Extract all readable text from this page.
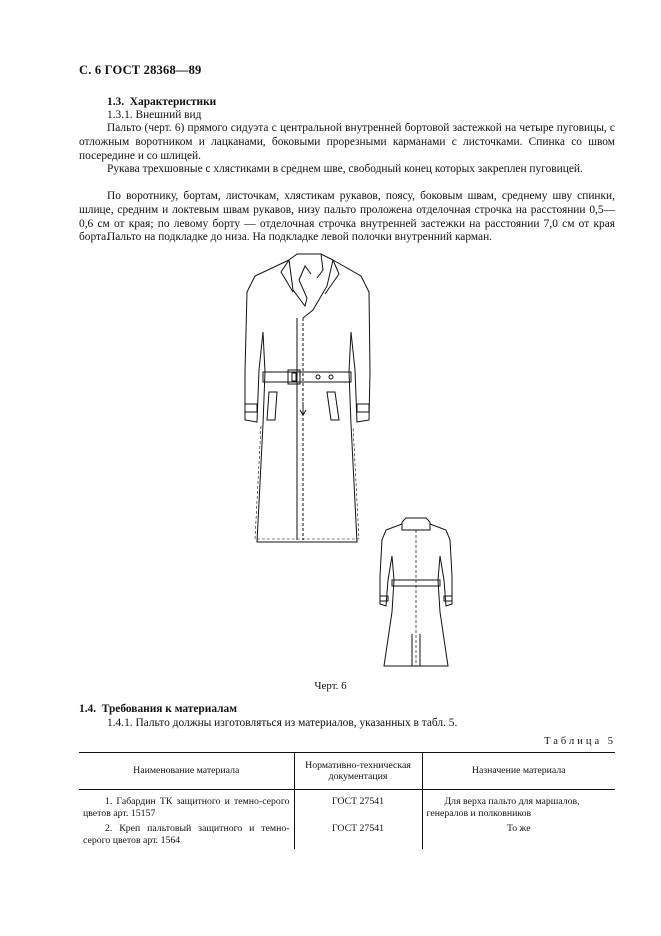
С. 6 ГОСТ 28368—89
1.3. Характеристики
1.3.1. Внешний вид
Пальто (черт. 6) прямого сидуэта с центральной внутренней бортовой застежкой на четыре пуговицы, с отложным воротником и лацканами, боковыми прорезными карманами с листочками. Спинка со швом посередине и со шлицей.
Рукава трехшовные с хлястиками в среднем шве, свободный конец которых закреплен пуговицей.
По воротнику, бортам, листочкам, хлястикам рукавов, поясу, боковым швам, среднему шву спинки, шлице, средним и локтевым швам рукавов, низу пальто проложена отделочная строчка на расстоянии 0,5—0,6 см от края; по левому борту — отделочная строчка внутренней застежки на расстоянии 7,0 см от края борта.
Пальто на подкладке до низа. На подкладке левой полочки внутренний карман.
Черт. 6
1.4. Требования к материалам
1.4.1. Пальто должны изготовляться из материалов, указанных в табл. 5.
Таблица 5
Наименование материала	Нормативно-техническая документация	Назначение материала
1. Габардин ТК защитного и темно-серого цветов арт. 15157	ГОСТ 27541	Для верха пальто для маршалов, генералов и полковников
2. Креп пальтовый защитного и темно-серого цветов арт. 1564	ГОСТ 27541	То же
